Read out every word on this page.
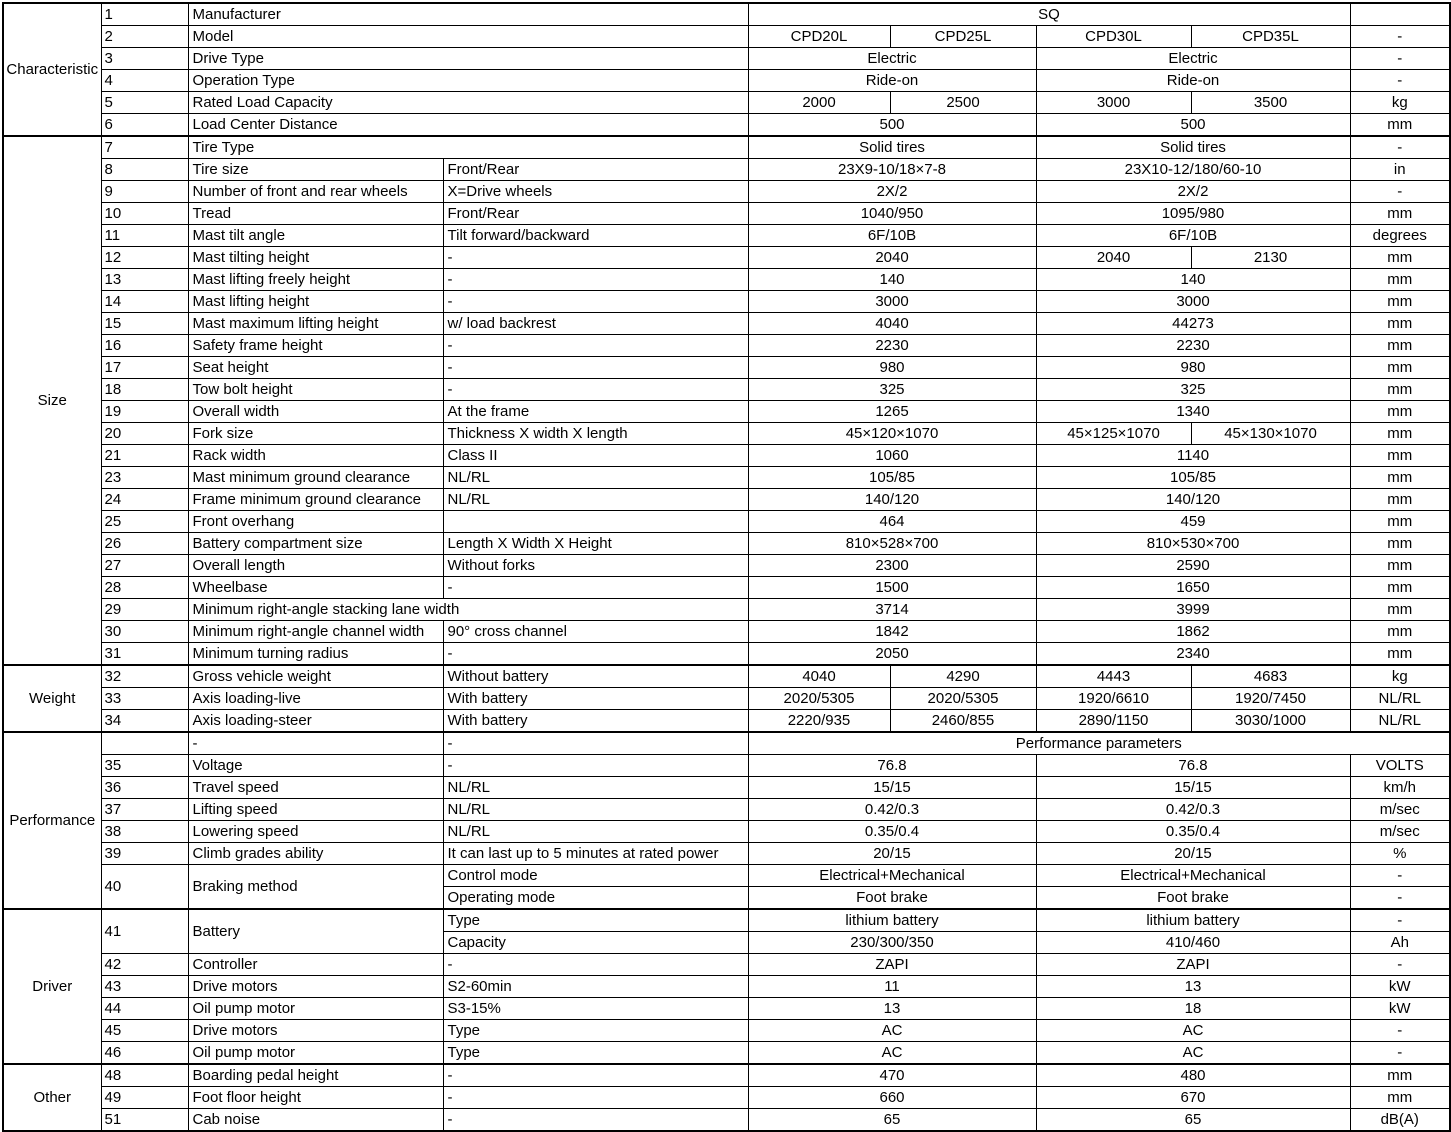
Characteristic	1	Manufacturer		SQ				
	2	Model		CPD20L	CPD25L	CPD30L	CPD35L	-
	3	Drive Type		Electric		Electric		-
	4	Operation Type		Ride-on		Ride-on		-
	5	Rated Load Capacity		2000	2500	3000	3500	kg
	6	Load Center Distance		500		500		mm
Size	7	Tire Type		Solid tires		Solid tires		-
	8	Tire size	Front/Rear	23X9-10/18×7-8		23X10-12/180/60-10		in
	9	Number of front and rear wheels	X=Drive wheels	2X/2		2X/2		-
	10	Tread	Front/Rear	1040/950		1095/980		mm
	11	Mast tilt angle	Tilt forward/backward	6F/10B		6F/10B		degrees
	12	Mast tilting height	-	2040		2040	2130	mm
	13	Mast lifting freely height	-	140		140		mm
	14	Mast lifting height	-	3000		3000		mm
	15	Mast maximum lifting height	w/ load backrest	4040		44273		mm
	16	Safety frame height	-	2230		2230		mm
	17	Seat height	-	980		980		mm
	18	Tow bolt height	-	325		325		mm
	19	Overall width	At the frame	1265		1340		mm
	20	Fork size	Thickness X width X length	45×120×1070		45×125×1070	45×130×1070	mm
	21	Rack width	Class II	1060		1140		mm
	23	Mast minimum ground clearance	NL/RL	105/85		105/85		mm
	24	Frame minimum ground clearance	NL/RL	140/120		140/120		mm
	25	Front overhang		464		459		mm
	26	Battery compartment size	Length X Width X Height	810×528×700		810×530×700		mm
	27	Overall length	Without forks	2300		2590		mm
	28	Wheelbase	-	1500		1650		mm
	29	Minimum right-angle stacking lane width		3714		3999		mm
	30	Minimum right-angle channel width	90° cross channel	1842		1862		mm
	31	Minimum turning radius	-	2050		2340		mm
Weight	32	Gross vehicle weight	Without battery	4040	4290	4443	4683	kg
	33	Axis loading-live	With battery	2020/5305	2020/5305	1920/6610	1920/7450	NL/RL
	34	Axis loading-steer	With battery	2220/935	2460/855	2890/1150	3030/1000	NL/RL
Performance		-	-	Performance parameters				
	35	Voltage	-	76.8		76.8		VOLTS
	36	Travel speed	NL/RL	15/15		15/15		km/h
	37	Lifting speed	NL/RL	0.42/0.3		0.42/0.3		m/sec
	38	Lowering speed	NL/RL	0.35/0.4		0.35/0.4		m/sec
	39	Climb grades ability	It can last up to 5 minutes at rated power	20/15		20/15		%
	40	Braking method	Control mode	Electrical+Mechanical		Electrical+Mechanical		-
			Operating mode	Foot brake		Foot brake		-
Driver	41	Battery	Type	lithium battery		lithium battery		-
			Capacity	230/300/350		410/460		Ah
	42	Controller	-	ZAPI		ZAPI		-
	43	Drive motors	S2-60min	11		13		kW
	44	Oil pump motor	S3-15%	13		18		kW
	45	Drive motors	Type	AC		AC		-
	46	Oil pump motor	Type	AC		AC		-
Other	48	Boarding pedal height	-	470		480		mm
	49	Foot floor height	-	660		670		mm
	51	Cab noise	-	65		65		dB(A)
